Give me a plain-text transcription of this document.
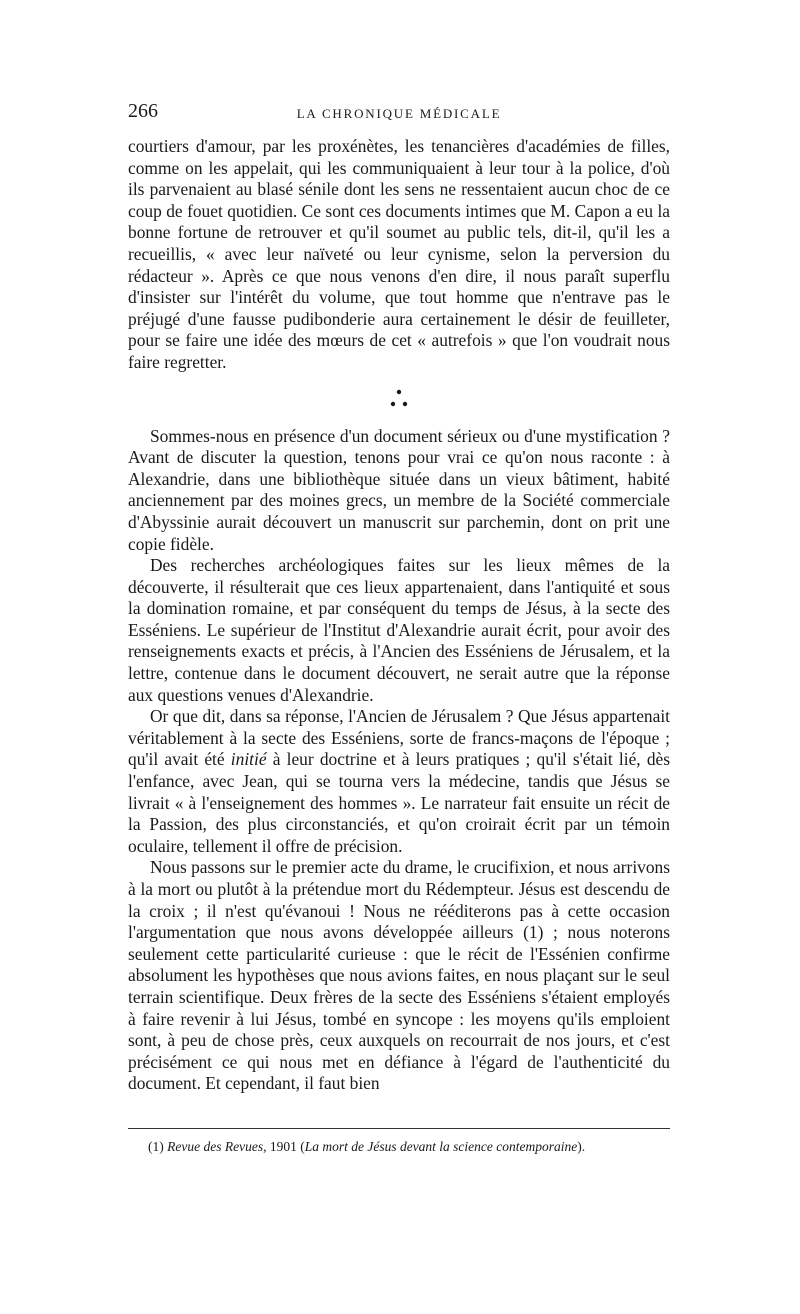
266	LA CHRONIQUE MÉDICALE

courtiers d'amour, par les proxénètes, les tenancières d'académies de filles, comme on les appelait, qui les communiquaient à leur tour à la police, d'où ils parvenaient au blasé sénile dont les sens ne ressentaient aucun choc de ce coup de fouet quotidien. Ce sont ces documents intimes que M. Capon a eu la bonne fortune de retrouver et qu'il soumet au public tels, dit-il, qu'il les a recueillis, « avec leur naïveté ou leur cynisme, selon la perversion du rédacteur ». Après ce que nous venons d'en dire, il nous paraît superflu d'insister sur l'intérêt du volume, que tout homme que n'entrave pas le préjugé d'une fausse pudibonderie aura certainement le désir de feuilleter, pour se faire une idée des mœurs de cet « autrefois » que l'on voudrait nous faire regretter.

Sommes-nous en présence d'un document sérieux ou d'une mystification ? Avant de discuter la question, tenons pour vrai ce qu'on nous raconte : à Alexandrie, dans une bibliothèque située dans un vieux bâtiment, habité anciennement par des moines grecs, un membre de la Société commerciale d'Abyssinie aurait découvert un manuscrit sur parchemin, dont on prit une copie fidèle.

Des recherches archéologiques faites sur les lieux mêmes de la découverte, il résulterait que ces lieux appartenaient, dans l'antiquité et sous la domination romaine, et par conséquent du temps de Jésus, à la secte des Esséniens. Le supérieur de l'Institut d'Alexandrie aurait écrit, pour avoir des renseignements exacts et précis, à l'Ancien des Esséniens de Jérusalem, et la lettre, contenue dans le document découvert, ne serait autre que la réponse aux questions venues d'Alexandrie.

Or que dit, dans sa réponse, l'Ancien de Jérusalem ? Que Jésus appartenait véritablement à la secte des Esséniens, sorte de francs-maçons de l'époque ; qu'il avait été initié à leur doctrine et à leurs pratiques ; qu'il s'était lié, dès l'enfance, avec Jean, qui se tourna vers la médecine, tandis que Jésus se livrait « à l'enseignement des hommes ». Le narrateur fait ensuite un récit de la Passion, des plus circonstanciés, et qu'on croirait écrit par un témoin oculaire, tellement il offre de précision.

Nous passons sur le premier acte du drame, le crucifixion, et nous arrivons à la mort ou plutôt à la prétendue mort du Rédempteur. Jésus est descendu de la croix ; il n'est qu'évanoui ! Nous ne rééditerons pas à cette occasion l'argumentation que nous avons développée ailleurs (1) ; nous noterons seulement cette particularité curieuse : que le récit de l'Essénien confirme absolument les hypothèses que nous avions faites, en nous plaçant sur le seul terrain scientifique. Deux frères de la secte des Esséniens s'étaient employés à faire revenir à lui Jésus, tombé en syncope : les moyens qu'ils emploient sont, à peu de chose près, ceux auxquels on recourrait de nos jours, et c'est précisément ce qui nous met en défiance à l'égard de l'authenticité du document. Et cependant, il faut bien

(1) Revue des Revues, 1901 (La mort de Jésus devant la science contemporaine).
